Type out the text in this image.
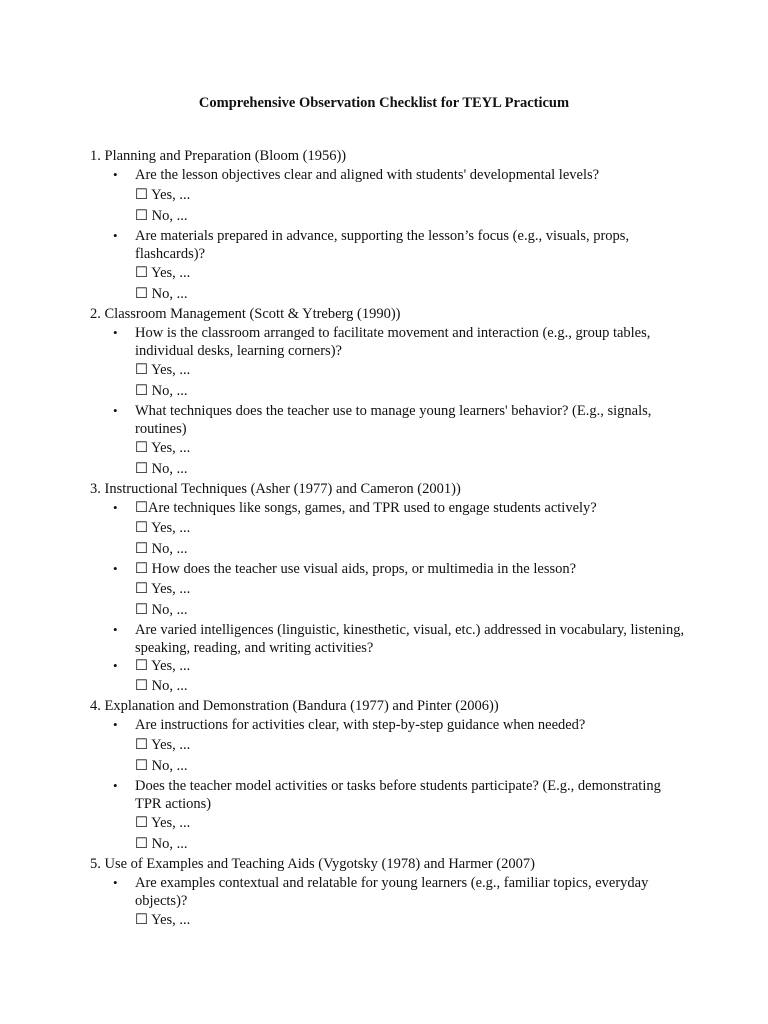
Comprehensive Observation Checklist for TEYL Practicum
1. Planning and Preparation (Bloom (1956))
• Are the lesson objectives clear and aligned with students' developmental levels?
☐ Yes, ...
☐ No, ...
• Are materials prepared in advance, supporting the lesson’s focus (e.g., visuals, props, flashcards)?
☐ Yes, ...
☐ No, ...
2. Classroom Management (Scott & Ytreberg (1990))
• How is the classroom arranged to facilitate movement and interaction (e.g., group tables, individual desks, learning corners)?
☐ Yes, ...
☐ No, ...
• What techniques does the teacher use to manage young learners' behavior? (E.g., signals, routines)
☐ Yes, ...
☐ No, ...
3. Instructional Techniques (Asher (1977) and Cameron (2001))
• ☐Are techniques like songs, games, and TPR used to engage students actively?
☐ Yes, ...
☐ No, ...
• ☐ How does the teacher use visual aids, props, or multimedia in the lesson?
☐ Yes, ...
☐ No, ...
• Are varied intelligences (linguistic, kinesthetic, visual, etc.) addressed in vocabulary, listening, speaking, reading, and writing activities?
• ☐ Yes, ...
☐ No, ...
4. Explanation and Demonstration (Bandura (1977) and Pinter (2006))
• Are instructions for activities clear, with step-by-step guidance when needed?
☐ Yes, ...
☐ No, ...
• Does the teacher model activities or tasks before students participate? (E.g., demonstrating TPR actions)
☐ Yes, ...
☐ No, ...
5. Use of Examples and Teaching Aids (Vygotsky (1978) and Harmer (2007)
• Are examples contextual and relatable for young learners (e.g., familiar topics, everyday objects)?
☐ Yes, ...
